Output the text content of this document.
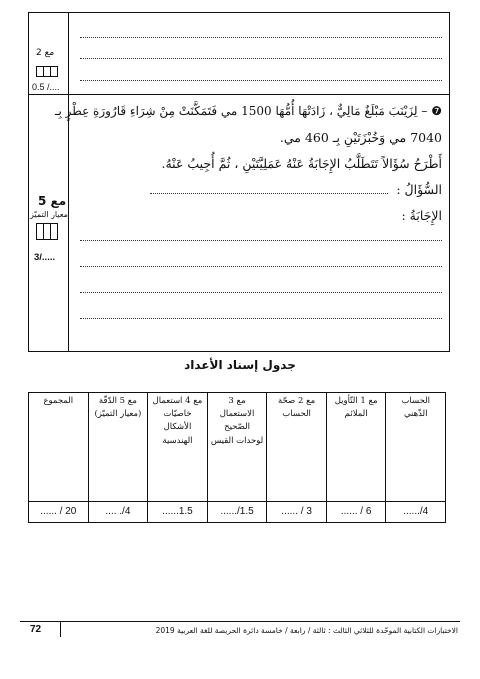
مع 2
0.5 /....
❼ – لِزَيْنَبَ مَبْلَغٌ مَالِيٌّ ، زَادَتْهَا أُمُّهَا 1500 مي فَتَمَكَّنَتْ مِنْ شِرَاءِ قَارُورَةِ عِطْرٍ بِـ
7040 مي وَخُبْزَتَيْنِ بِـ 460 مي.
أَطْرَحُ سُؤَالاً تَتَطَلَّبُ الإِجَابَةُ عَنْهُ عَمَلِيَّتَيْنِ ، ثُمَّ أُجِيبُ عَنْهُ.
السُّؤَالُ :
الإِجَابَةُ :
مع 5
معيار التميّز
3/.....
جدول إسناد الأعداد
الحساب الذّهني	مع 1 التّأويل الملائم	مع 2 صحّة الحساب	مع 3 الاستعمال الصّحيح لوحدات القيس	مع 4 استعمال خاصيّات الأشكال الهندسية	مع 5 الدّقّة (معيار التميّز)	المجموع
4/......	6 / ......	3 / ......	1.5/......	1.5......	4/. ....	20 / ......
72	الاختبارات الكتابية الموحّدة للثلاثي الثالث : ثالثة / رابعة / خامسة دائرة الحريصة للغة العربية 2019
